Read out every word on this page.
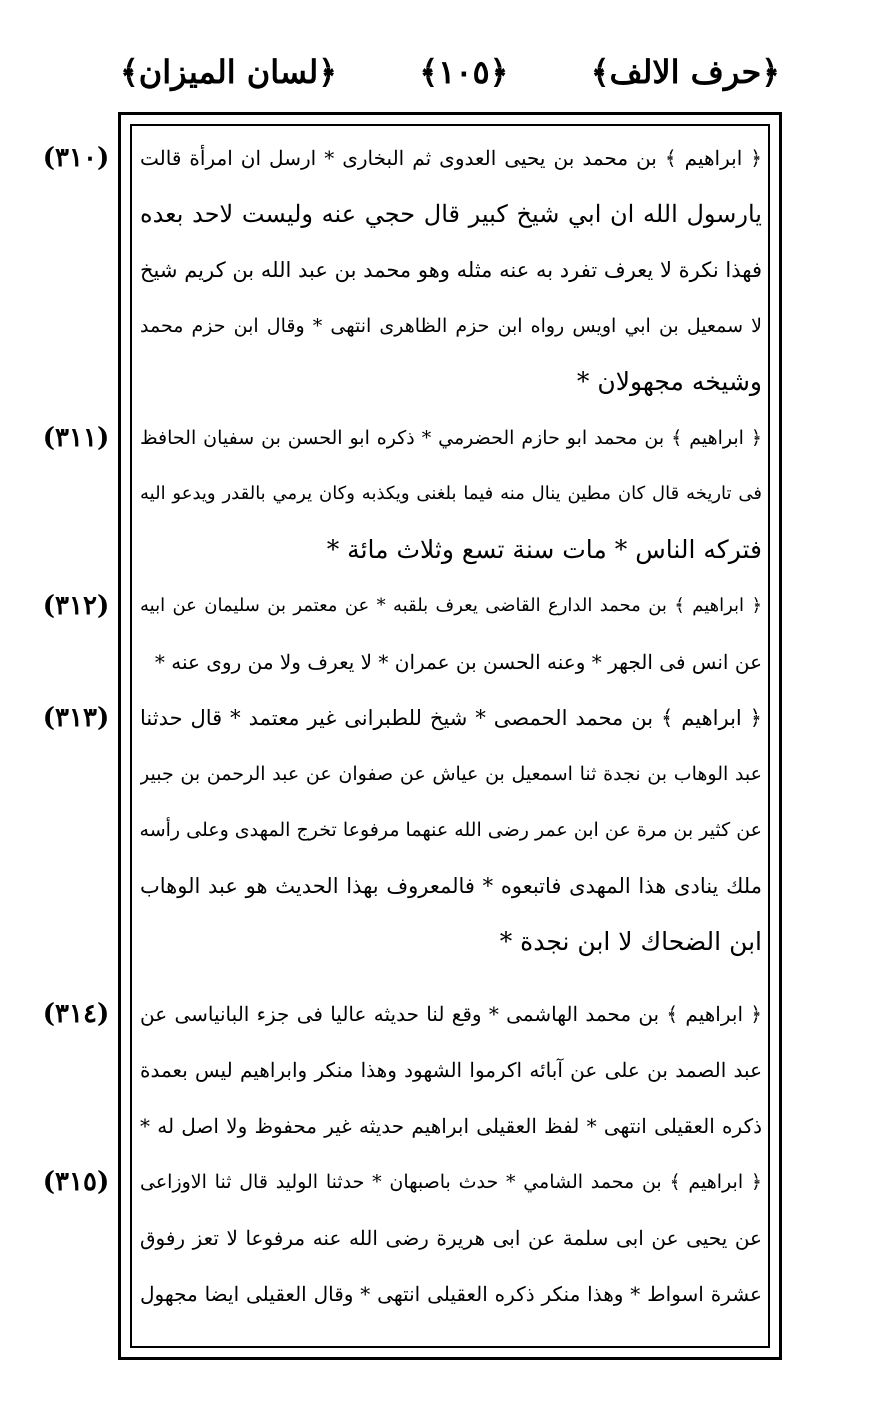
﴿حرف الالف﴾
﴿١٠٥﴾
﴿لسان الميزان﴾
﴿ ابراهيم ﴾ بن محمد بن يحيى العدوى ثم البخارى * ارسل ان امرأة قالت
يارسول الله ان ابي شيخ كبير قال حجي عنه وليست لاحد بعده
فهذا نكرة لا يعرف تفرد به عنه مثله وهو محمد بن عبد الله بن كريم شيخ
لا سمعيل بن ابي اويس رواه ابن حزم الظاهرى انتهى * وقال ابن حزم محمد
وشيخه مجهولان *
﴿ ابراهيم ﴾ بن محمد ابو حازم الحضرمي * ذكره ابو الحسن بن سفيان الحافظ
فى تاريخه قال كان مطين ينال منه فيما بلغنى ويكذبه وكان يرمي بالقدر ويدعو اليه
فتركه الناس * مات سنة تسع وثلاث مائة *
﴿ ابراهيم ﴾ بن محمد الدارع القاضى يعرف بلقبه * عن معتمر بن سليمان عن ابيه
عن انس فى الجهر * وعنه الحسن بن عمران * لا يعرف ولا من روى عنه *
﴿ ابراهيم ﴾ بن محمد الحمصى * شيخ للطبرانى غير معتمد * قال حدثنا
عبد الوهاب بن نجدة ثنا اسمعيل بن عياش عن صفوان عن عبد الرحمن بن جبير
عن كثير بن مرة عن ابن عمر رضى الله عنهما مرفوعا تخرج المهدى وعلى رأسه
ملك ينادى هذا المهدى فاتبعوه * فالمعروف بهذا الحديث هو عبد الوهاب
ابن الضحاك لا ابن نجدة *
﴿ ابراهيم ﴾ بن محمد الهاشمى * وقع لنا حديثه عاليا فى جزء البانياسى عن
عبد الصمد بن على عن آبائه اكرموا الشهود وهذا منكر وابراهيم ليس بعمدة
ذكره العقيلى انتهى * لفظ العقيلى ابراهيم حديثه غير محفوظ ولا اصل له *
﴿ ابراهيم ﴾ بن محمد الشامي * حدث باصبهان * حدثنا الوليد قال ثنا الاوزاعى
عن يحيى عن ابى سلمة عن ابى هريرة رضى الله عنه مرفوعا لا تعز رفوق
عشرة اسواط * وهذا منكر ذكره العقيلى انتهى * وقال العقيلى ايضا مجهول
(٣١٠)
(٣١١)
(٣١٢)
(٣١٣)
(٣١٤)
(٣١٥)
